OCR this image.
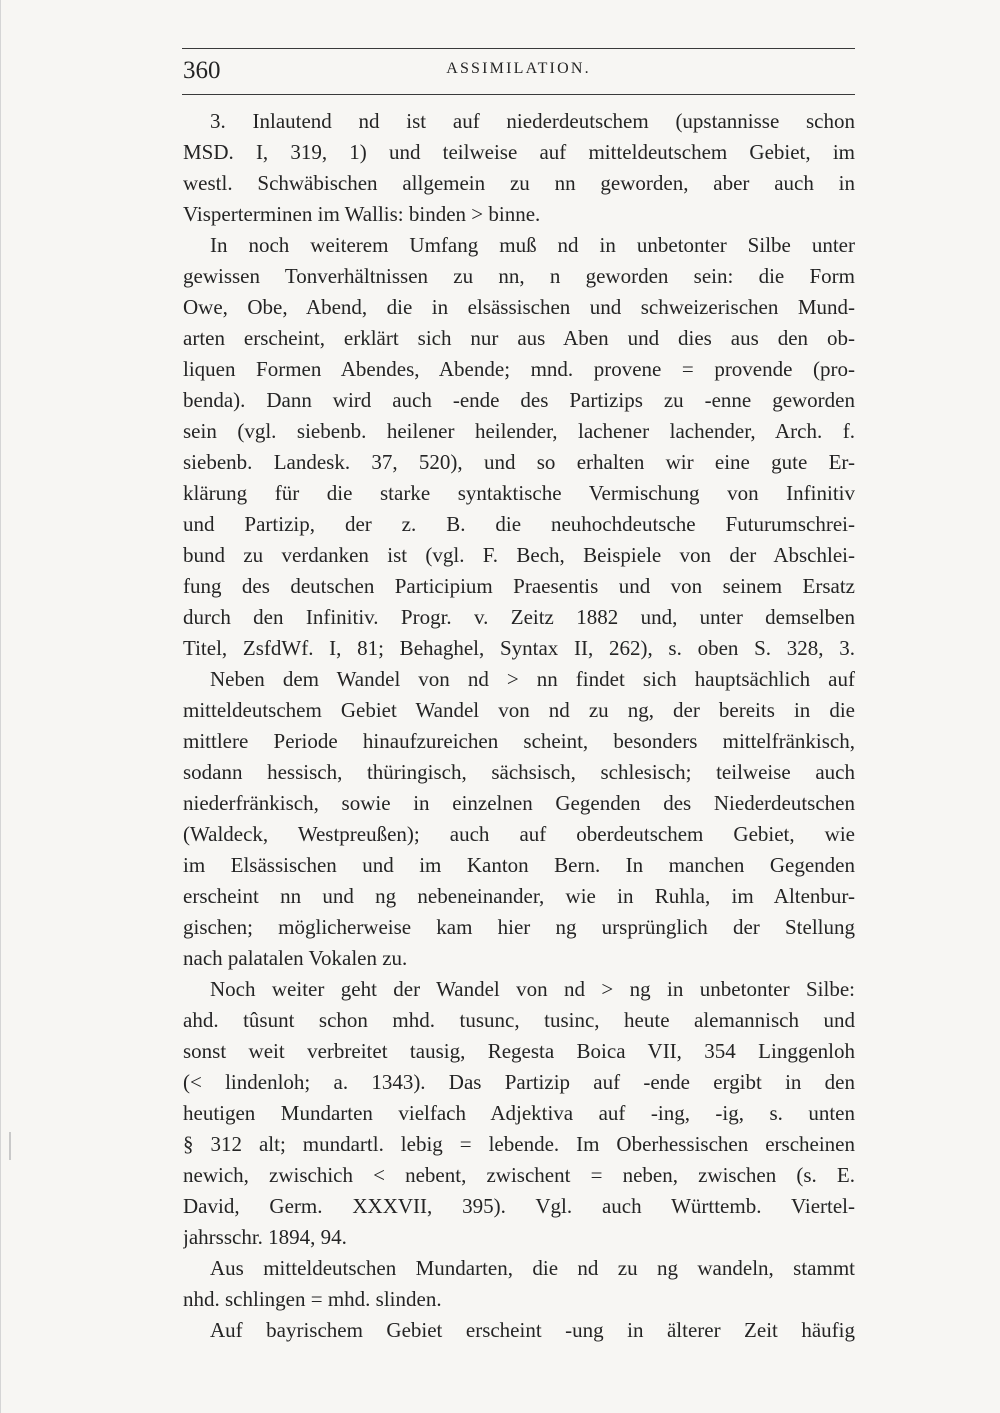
360	ASSIMILATION.
3. Inlautend nd ist auf niederdeutschem (upstannisse schon
MSD. I, 319, 1) und teilweise auf mitteldeutschem Gebiet, im
westl. Schwäbischen allgemein zu nn geworden, aber auch in
Visperterminen im Wallis: binden > binne.
In noch weiterem Umfang muß nd in unbetonter Silbe unter
gewissen Tonverhältnissen zu nn, n geworden sein: die Form
Owe, Obe, Abend, die in elsässischen und schweizerischen Mund-
arten erscheint, erklärt sich nur aus Aben und dies aus den ob-
liquen Formen Abendes, Abende; mnd. provene = provende (pro-
benda). Dann wird auch -ende des Partizips zu -enne geworden
sein (vgl. siebenb. heilener heilender, lachener lachender, Arch. f.
siebenb. Landesk. 37, 520), und so erhalten wir eine gute Er-
klärung für die starke syntaktische Vermischung von Infinitiv
und Partizip, der z. B. die neuhochdeutsche Futurumschrei-
bund zu verdanken ist (vgl. F. Bech, Beispiele von der Abschlei-
fung des deutschen Participium Praesentis und von seinem Ersatz
durch den Infinitiv. Progr. v. Zeitz 1882 und, unter demselben
Titel, ZsfdWf. I, 81; Behaghel, Syntax II, 262), s. oben S. 328, 3.
Neben dem Wandel von nd > nn findet sich hauptsächlich auf
mitteldeutschem Gebiet Wandel von nd zu ng, der bereits in die
mittlere Periode hinaufzureichen scheint, besonders mittelfränkisch,
sodann hessisch, thüringisch, sächsisch, schlesisch; teilweise auch
niederfränkisch, sowie in einzelnen Gegenden des Niederdeutschen
(Waldeck, Westpreußen); auch auf oberdeutschem Gebiet, wie
im Elsässischen und im Kanton Bern. In manchen Gegenden
erscheint nn und ng nebeneinander, wie in Ruhla, im Altenbur-
gischen; möglicherweise kam hier ng ursprünglich der Stellung
nach palatalen Vokalen zu.
Noch weiter geht der Wandel von nd > ng in unbetonter Silbe:
ahd. tûsunt schon mhd. tusunc, tusinc, heute alemannisch und
sonst weit verbreitet tausig, Regesta Boica VII, 354 Linggenloh
(< lindenloh; a. 1343). Das Partizip auf -ende ergibt in den
heutigen Mundarten vielfach Adjektiva auf -ing, -ig, s. unten
§ 312 alt; mundartl. lebig = lebende. Im Oberhessischen erscheinen
newich, zwischich < nebent, zwischent = neben, zwischen (s. E.
David, Germ. XXXVII, 395). Vgl. auch Württemb. Viertel-
jahrsschr. 1894, 94.
Aus mitteldeutschen Mundarten, die nd zu ng wandeln, stammt
nhd. schlingen = mhd. slinden.
Auf bayrischem Gebiet erscheint -ung in älterer Zeit häufig
